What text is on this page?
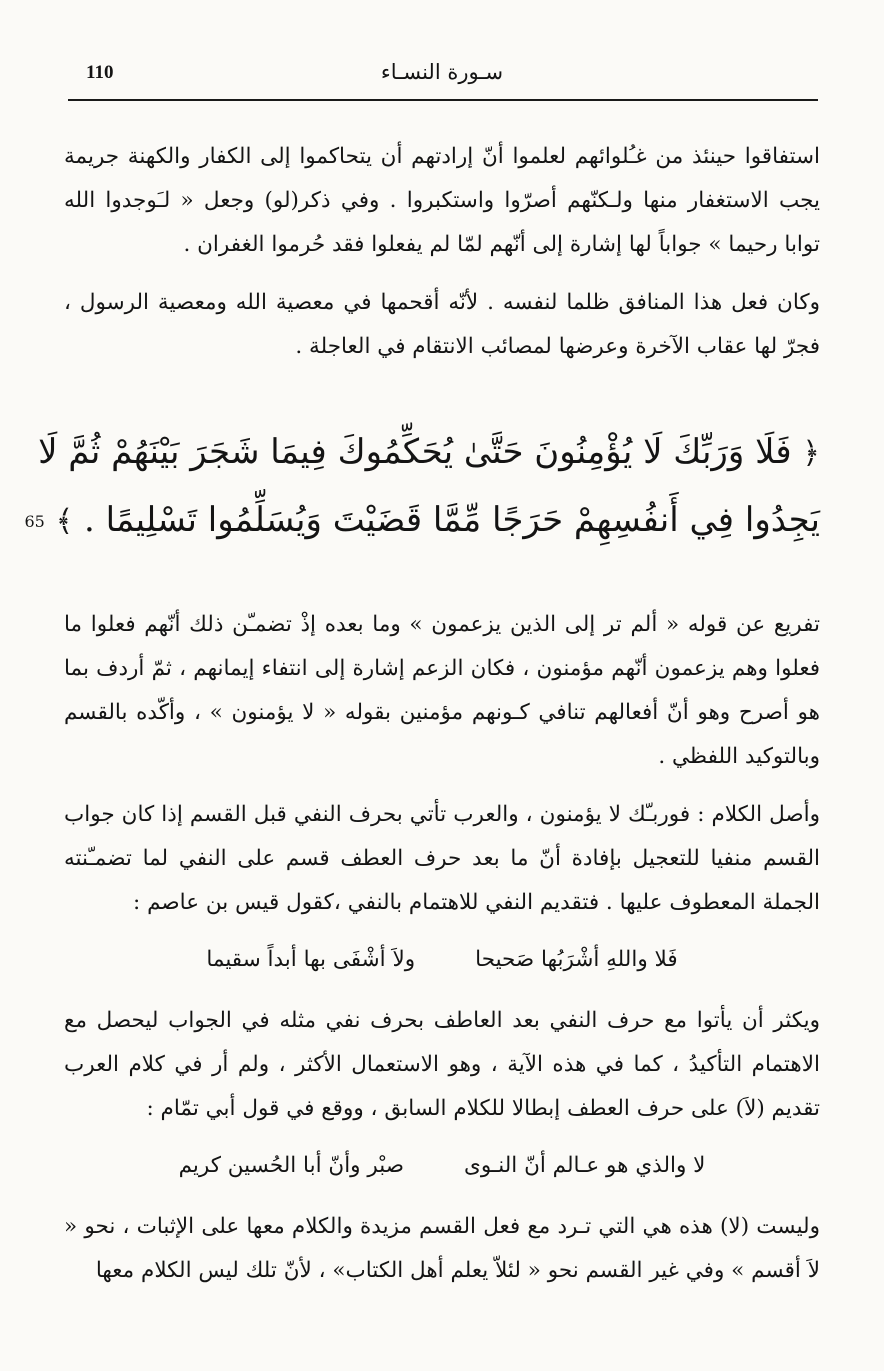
110	سـورة النسـاء

استفاقوا حينئذ من غـُلوائهم لعلموا أنّ إرادتهم أن يتحاكموا إلى الكفار والكهنة جريمة يجب الاستغفار منها ولـكنّهم أصرّوا واستكبروا . وفي ذكر(لو) وجعل « لـَوجدوا الله توابا رحيما » جواباً لها إشارة إلى أنّهم لمّا لم يفعلوا فقد حُرموا الغفران .

وكان فعل هذا المنافق ظلما لنفسه . لأنّه أقحمها في معصية الله ومعصية الرسول ، فجرّ لها عقاب الآخرة وعرضها لمصائب الانتقام في العاجلة .

﴿ فَلَا وَرَبِّكَ لَا يُؤْمِنُونَ حَتَّىٰ يُحَكِّمُوكَ فِيمَا شَجَرَ بَيْنَهُمْ ثُمَّ لَا
يَجِدُوا فِي أَنفُسِهِمْ حَرَجًا مِّمَّا قَضَيْتَ وَيُسَلِّمُوا تَسْلِيمًا . ﴾ 65

تفريع عن قوله « ألم تر إلى الذين يزعمون » وما بعده إذْ تضمـّن ذلك أنّهم فعلوا ما فعلوا وهم يزعمون أنّهم مؤمنون ، فكان الزعم إشارة إلى انتفاء إيمانهم ، ثمّ أردف بما هو أصرح وهو أنّ أفعالهم تنافي كـونهم مؤمنين بقوله « لا يؤمنون » ، وأكّده بالقسم وبالتوكيد اللفظي .

وأصل الكلام : فوربـّك لا يؤمنون ، والعرب تأتي بحرف النفي قبل القسم إذا كان جواب القسم منفيا للتعجيل بإفادة أنّ ما بعد حرف العطف قسم على النفي لما تضمـّنته الجملة المعطوف عليها . فتقديم النفي للاهتمام بالنفي ،كقول قيس بن عاصم :

فَلا واللهِ أشْرَبُها صَحيحا
ولاَ أشْفَى بها أبداً سقيما

ويكثر أن يأتوا مع حرف النفي بعد العاطف بحرف نفي مثله في الجواب ليحصل مع الاهتمام التأكيدُ ، كما في هذه الآية ، وهو الاستعمال الأكثر ، ولم أر في كلام العرب تقديم (لاَ) على حرف العطف إبطالا للكلام السابق ، ووقع في قول أبي تمّام :

لا والذي هو عـالم أنّ النـوى
صبْر وأنّ أبا الحُسين كريم

وليست (لا) هذه هي التي تـرد مع فعل القسم مزيدة والكلام معها على الإثبات ، نحو « لاَ أقسم » وفي غير القسم نحو « لئلاّ يعلم أهل الكتاب» ، لأنّ تلك ليس الكلام معها
